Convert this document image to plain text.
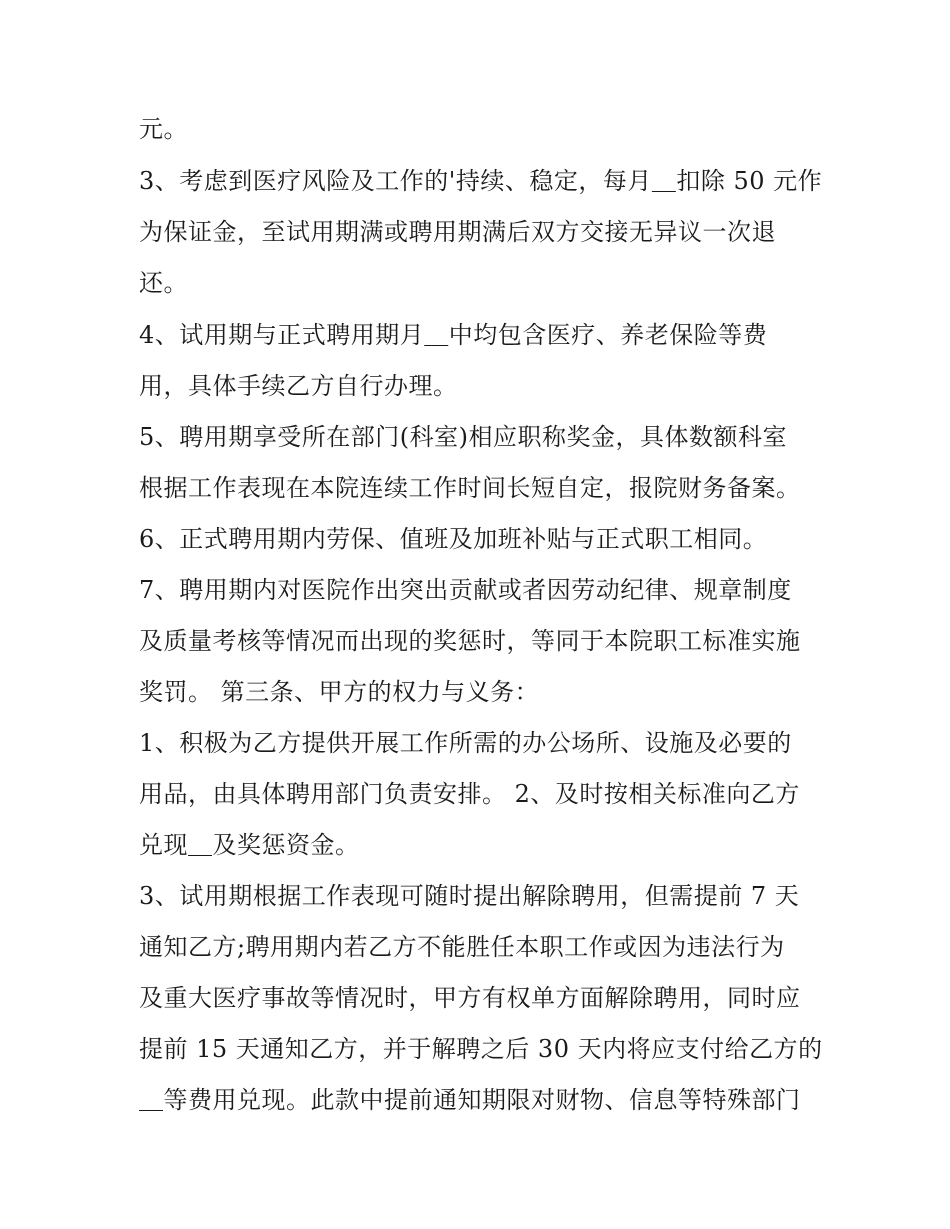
元。
3、考虑到医疗风险及工作的'持续、稳定，每月＿扣除 50 元作
为保证金，至试用期满或聘用期满后双方交接无异议一次退
还。
4、试用期与正式聘用期月＿中均包含医疗、养老保险等费
用，具体手续乙方自行办理。
5、聘用期享受所在部门(科室)相应职称奖金，具体数额科室
根据工作表现在本院连续工作时间长短自定，报院财务备案。
6、正式聘用期内劳保、值班及加班补贴与正式职工相同。
7、聘用期内对医院作出突出贡献或者因劳动纪律、规章制度
及质量考核等情况而出现的奖惩时，等同于本院职工标准实施
奖罚。 第三条、甲方的权力与义务：
1、积极为乙方提供开展工作所需的办公场所、设施及必要的
用品，由具体聘用部门负责安排。 2、及时按相关标准向乙方
兑现＿及奖惩资金。
3、试用期根据工作表现可随时提出解除聘用，但需提前 7 天
通知乙方;聘用期内若乙方不能胜任本职工作或因为违法行为
及重大医疗事故等情况时，甲方有权单方面解除聘用，同时应
提前 15 天通知乙方，并于解聘之后 30 天内将应支付给乙方的
＿等费用兑现。此款中提前通知期限对财物、信息等特殊部门
